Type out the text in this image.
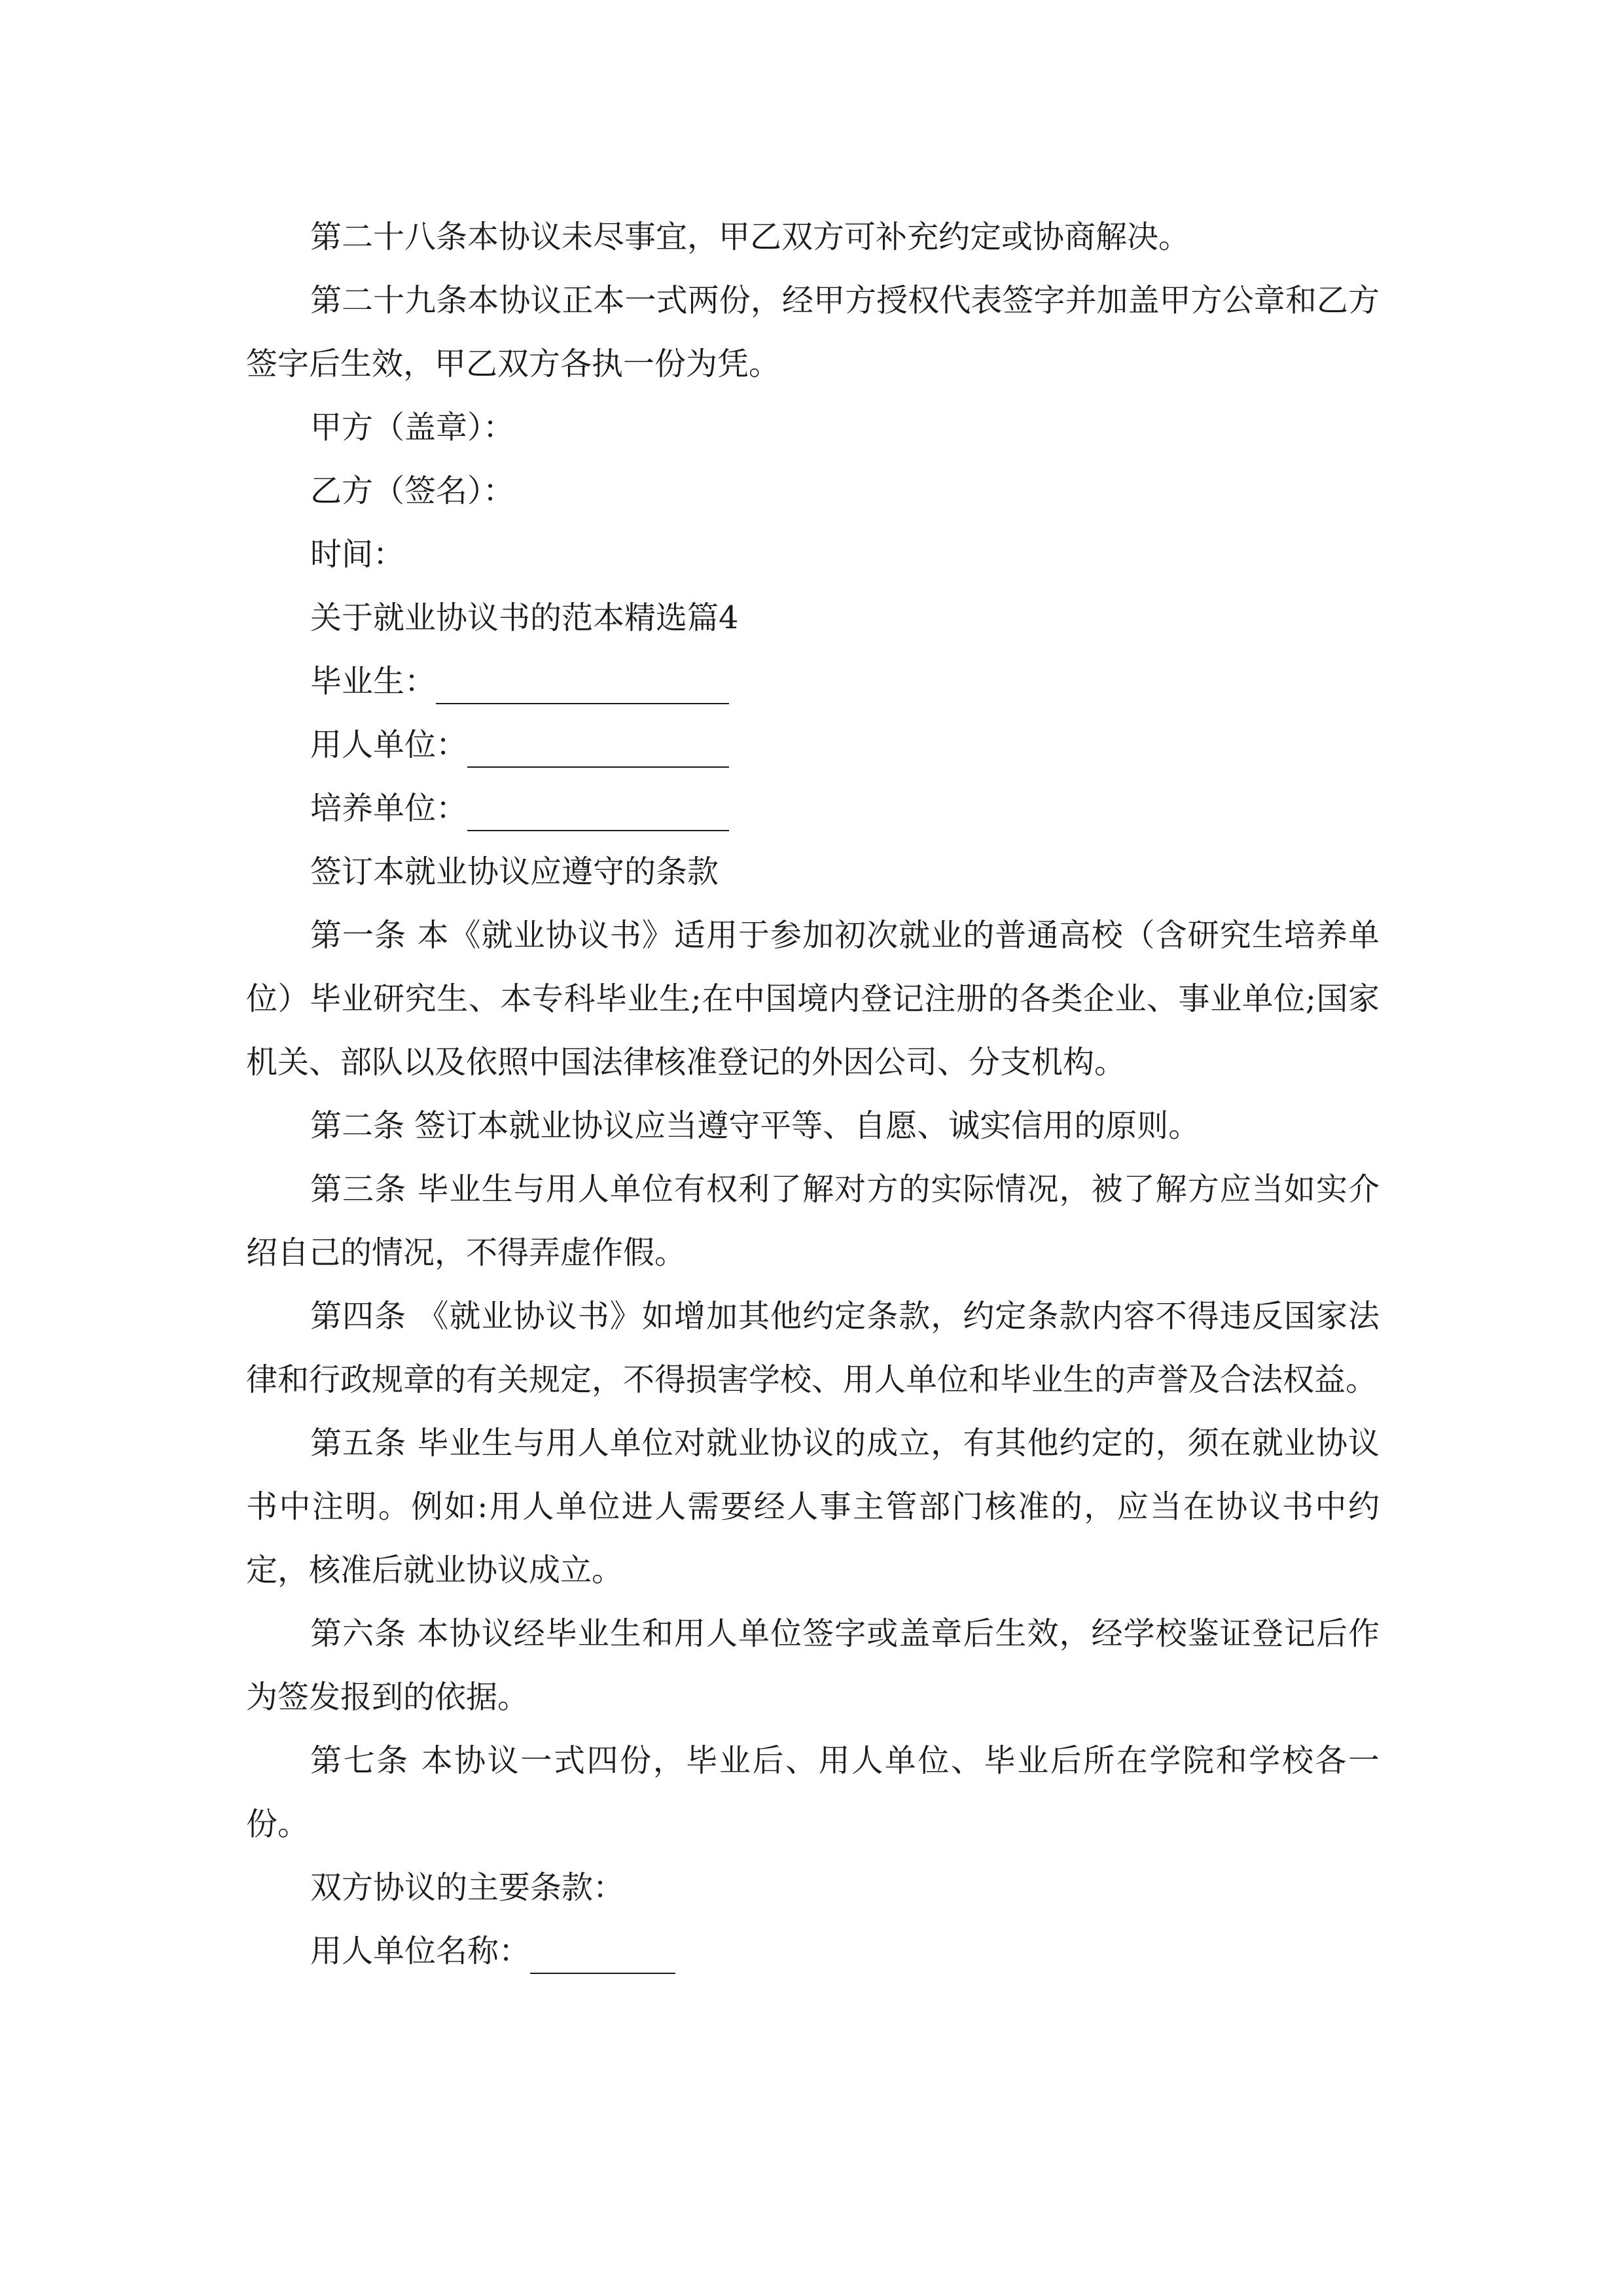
第二十八条本协议未尽事宜，甲乙双方可补充约定或协商解决。

第二十九条本协议正本一式两份，经甲方授权代表签字并加盖甲方公章和乙方签字后生效，甲乙双方各执一份为凭。

甲方（盖章）：

乙方（签名）：

时间：

关于就业协议书的范本精选篇4

毕业生：

用人单位：

培养单位：

签订本就业协议应遵守的条款

第一条 本《就业协议书》适用于参加初次就业的普通高校（含研究生培养单位）毕业研究生、本专科毕业生;在中国境内登记注册的各类企业、事业单位;国家机关、部队以及依照中国法律核准登记的外因公司、分支机构。

第二条 签订本就业协议应当遵守平等、自愿、诚实信用的原则。

第三条 毕业生与用人单位有权利了解对方的实际情况，被了解方应当如实介绍自己的情况，不得弄虚作假。

第四条 《就业协议书》如增加其他约定条款，约定条款内容不得违反国家法律和行政规章的有关规定，不得损害学校、用人单位和毕业生的声誉及合法权益。

第五条 毕业生与用人单位对就业协议的成立，有其他约定的，须在就业协议书中注明。例如:用人单位进人需要经人事主管部门核准的，应当在协议书中约定，核准后就业协议成立。

第六条 本协议经毕业生和用人单位签字或盖章后生效，经学校鉴证登记后作为签发报到的依据。

第七条 本协议一式四份，毕业后、用人单位、毕业后所在学院和学校各一份。

双方协议的主要条款：

用人单位名称：
